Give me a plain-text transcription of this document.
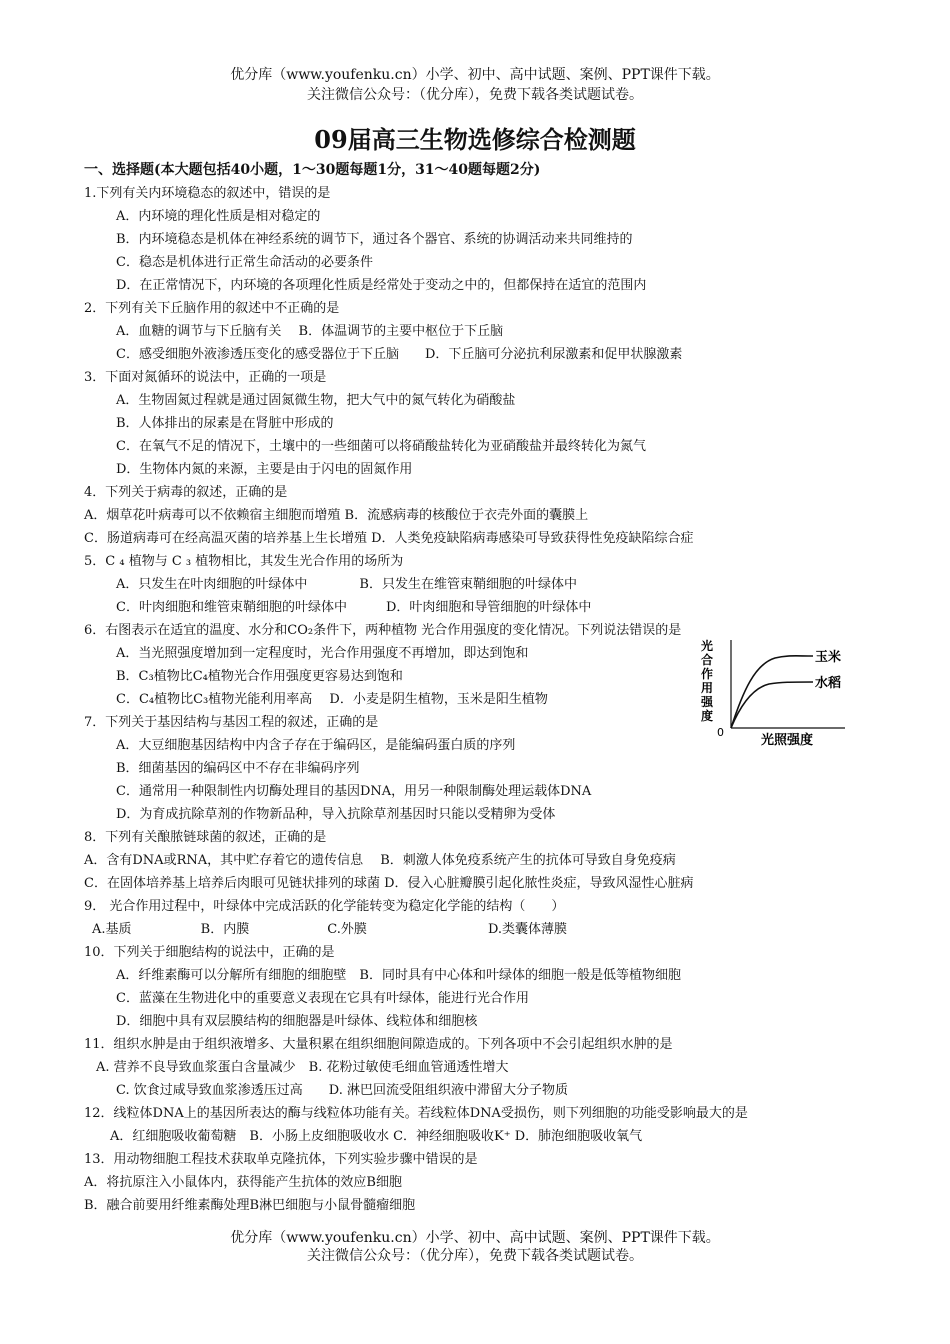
优分库（www.youfenku.cn）小学、初中、高中试题、案例、PPT课件下载。
关注微信公众号：（优分库），免费下载各类试题试卷。
09届高三生物选修综合检测题
一、选择题(本大题包括40小题，1～30题每题1分，31～40题每题2分)
1.下列有关内环境稳态的叙述中，错误的是
A．内环境的理化性质是相对稳定的
B．内环境稳态是机体在神经系统的调节下，通过各个器官、系统的协调活动来共同维持的
C．稳态是机体进行正常生命活动的必要条件
D．在正常情况下，内环境的各项理化性质是经常处于变动之中的，但都保持在适宜的范围内
2．下列有关下丘脑作用的叙述中不正确的是
A．血糖的调节与下丘脑有关　 B．体温调节的主要中枢位于下丘脑
C．感受细胞外液渗透压变化的感受器位于下丘脑　　D．下丘脑可分泌抗利尿激素和促甲状腺激素
3．下面对氮循环的说法中，正确的一项是
A．生物固氮过程就是通过固氮微生物，把大气中的氮气转化为硝酸盐
B．人体排出的尿素是在肾脏中形成的
C．在氧气不足的情况下，土壤中的一些细菌可以将硝酸盐转化为亚硝酸盐并最终转化为氮气
D．生物体内氮的来源，主要是由于闪电的固氮作用
4．下列关于病毒的叙述，正确的是
A．烟草花叶病毒可以不依赖宿主细胞而增殖 B．流感病毒的核酸位于衣壳外面的囊膜上
C．肠道病毒可在经高温灭菌的培养基上生长增殖 D．人类免疫缺陷病毒感染可导致获得性免疫缺陷综合症
5．C ₄ 植物与 C ₃ 植物相比，其发生光合作用的场所为
A．只发生在叶肉细胞的叶绿体中　　　　B．只发生在维管束鞘细胞的叶绿体中
C．叶肉细胞和维管束鞘细胞的叶绿体中　　　D．叶肉细胞和导管细胞的叶绿体中
6．右图表示在适宜的温度、水分和CO₂条件下，两种植物 光合作用强度的变化情况。下列说法错误的是
A．当光照强度增加到一定程度时，光合作用强度不再增加，即达到饱和
B．C₃植物比C₄植物光合作用强度更容易达到饱和
C．C₄植物比C₃植物光能利用率高　 D．小麦是阴生植物，玉米是阳生植物
光
合
作
用
强
度
玉米
水稻
0
光照强度
7．下列关于基因结构与基因工程的叙述，正确的是
A．大豆细胞基因结构中内含子存在于编码区，是能编码蛋白质的序列
B．细菌基因的编码区中不存在非编码序列
C．通常用一种限制性内切酶处理目的基因DNA，用另一种限制酶处理运载体DNA
D．为育成抗除草剂的作物新品种，导入抗除草剂基因时只能以受精卵为受体
8．下列有关酿脓链球菌的叙述，正确的是
A．含有DNA或RNA，其中贮存着它的遗传信息　 B．刺激人体免疫系统产生的抗体可导致自身免疫病
C．在固体培养基上培养后肉眼可见链状排列的球菌 D．侵入心脏瓣膜引起化脓性炎症，导致风湿性心脏病
9． 光合作用过程中，叶绿体中完成活跃的化学能转变为稳定化学能的结构（　　）
A.基质　　　　　 B．内膜　　　　　　C.外膜　　　　　　　　　 D.类囊体薄膜
10．下列关于细胞结构的说法中，正确的是
A．纤维素酶可以分解所有细胞的细胞壁　B．同时具有中心体和叶绿体的细胞一般是低等植物细胞
C．蓝藻在生物进化中的重要意义表现在它具有叶绿体，能进行光合作用
D．细胞中具有双层膜结构的细胞器是叶绿体、线粒体和细胞核
11．组织水肿是由于组织液增多、大量积累在组织细胞间隙造成的。下列各项中不会引起组织水肿的是
A. 营养不良导致血浆蛋白含量减少　B. 花粉过敏使毛细血管通透性增大
C. 饮食过咸导致血浆渗透压过高　　D. 淋巴回流受阻组织液中滞留大分子物质
12．线粒体DNA上的基因所表达的酶与线粒体功能有关。若线粒体DNA受损伤，则下列细胞的功能受影响最大的是
A．红细胞吸收葡萄糖　B．小肠上皮细胞吸收水 C．神经细胞吸收K⁺ D．肺泡细胞吸收氧气
13．用动物细胞工程技术获取单克隆抗体，下列实验步骤中错误的是
A．将抗原注入小鼠体内，获得能产生抗体的效应B细胞
B．融合前要用纤维素酶处理B淋巴细胞与小鼠骨髓瘤细胞
优分库（www.youfenku.cn）小学、初中、高中试题、案例、PPT课件下载。
关注微信公众号：（优分库），免费下载各类试题试卷。
